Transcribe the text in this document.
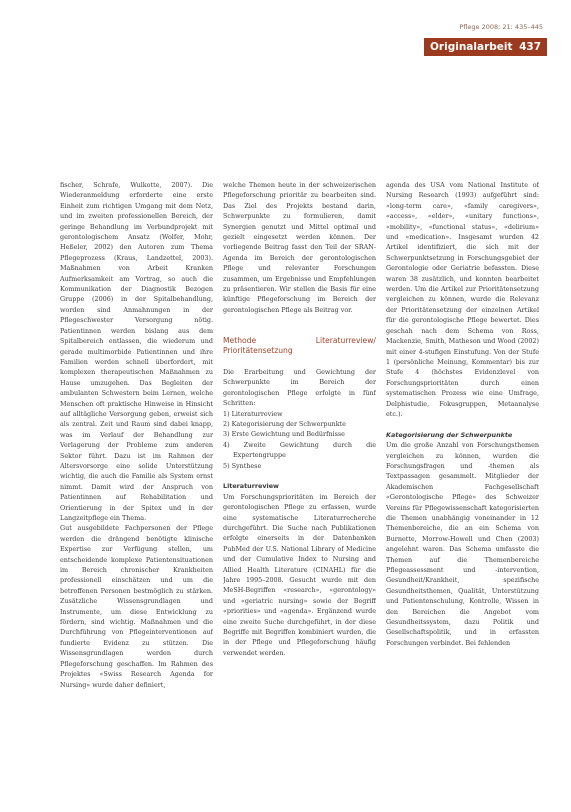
Pflege 2008; 21: 435–445
Originalarbeit 437

fischer, Schrafe, Wulkotte, 2007). Die Wiederanmeldung erforderte eine erste Einheit zum richtigen Umgang mit dem Netz, und im zweiten professionellen Bereich, der geringe Behandlung im Verbundprojekt mit gerontologischem Ansatz (Wolfer, Mohr, Heßeler, 2002) den Autoren zum Thema Pflegeprozess (Kraus, Landzettel, 2003). Maßnahmen von Arbeit Kranken Aufmerksamkeit am Vortrag, so auch die Kommunikation der Diagnostik Bezogen Gruppe (2006) in der Spitalbehandlung, worden sind Anmahnungen in der Pflegeschwester Versorgung nötig. Patientinnen werden bislang aus dem Spitalbereich entlassen, die wiederum und gerade multimorbide Patientinnen und ihre Familien werden schnell überfordert, mit komplexen therapeutischen Maßnahmen zu Hause umzugehen. Das Begleiten der ambulanten Schwestern beim Lernen, welche Menschen oft praktische Hinweise in Hinsicht auf alltägliche Versorgung geben, erweist sich als zentral. Zeit und Raum sind dabei knapp, was im Verlauf der Behandlung zur Verlagerung der Probleme zum anderen Sektor führt. Dazu ist im Rahmen der Altersvorsorge eine solide Unterstützung wichtig, die auch die Familie als System ernst nimmt. Damit wird der Anspruch von Patientinnen auf Rehabilitation und Orientierung in der Spitex und in der Langzeitpflege ein Thema.

Gut ausgebildete Fachpersonen der Pflege werden die drängend benötigte klinische Expertise zur Verfügung stellen, um entscheidende komplexe Patientensituationen im Bereich chronischer Krankheiten professionell einschätzen und um die betroffenen Personen bestmöglich zu stärken. Zusätzliche Wissensgrundlagen und Instrumente, um diese Entwicklung zu fördern, sind wichtig. Maßnahmen und die Durchführung von Pflegeinterventionen auf fundierte Evidenz zu stützen. Die Wissensgrundlagen werden durch Pflegeforschung geschaffen. Im Rahmen des Projektes «Swiss Research Agenda for Nursing» wurde daher definiert,

welche Themen heute in der schweizerischen Pflegeforschung prioritär zu bearbeiten sind. Das Ziel des Projekts bestand darin, Schwerpunkte zu formulieren, damit Synergien genutzt und Mittel optimal und gezielt eingesetzt werden können. Der vorliegende Beitrag fasst den Teil der SRAN-Agenda im Bereich der gerontologischen Pflege und relevanter Forschungen zusammen, um Ergebnisse und Empfehlungen zu präsentieren. Wir stellen die Basis für eine künftige Pflegeforschung im Bereich der gerontologischen Pflege als Beitrag vor.

Methode Literaturreview/ Prioritätensetzung

Die Erarbeitung und Gewichtung der Schwerpunkte im Bereich der gerontologischen Pflege erfolgte in fünf Schritten:

1) Literaturreview
2) Kategorisierung der Schwerpunkte
3) Erste Gewichtung und Bedürfnisse
4) Zweite Gewichtung durch die Expertengruppe
5) Synthese
Literaturreview

Um Forschungsprioritäten im Bereich der gerontologischen Pflege zu erfassen, wurde eine systematische Literaturrecherche durchgeführt. Die Suche nach Publikationen erfolgte einerseits in der Datenbanken PubMed der U.S. National Library of Medicine und der Cumulative Index to Nursing and Allied Health Literature (CINAHL) für die Jahre 1995–2008. Gesucht wurde mit den MeSH-Begriffen «research», «gerontology» und «geriatric nursing» sowie der Begriff «priorities» und «agenda». Ergänzend wurde eine zweite Suche durchgeführt, in der diese Begriffe mit Begriffen kombiniert wurden, die in der Pflege und Pflegeforschung häufig verwendet werden.

agenda des USA vom National Institute of Nursing Research (1993) aufgeführt sind: «long-term care», «family caregivers», «access», «elder», «unitary functions», «mobility», «functional status», «delirium» und «medication». Insgesamt wurden 42 Artikel identifiziert, die sich mit der Schwerpunktsetzung in Forschungsgebiet der Gerontologie oder Geriatrie befassten. Diese waren 38 zusätzlich, und konnten bearbeitet werden. Um die Artikel zur Prioritätensetzung vergleichen zu können, wurde die Relevanz der Prioritätensetzung der einzelnen Artikel für die gerontologische Pflege bewertet. Dies geschah nach dem Schema von Ross, Mackenzie, Smith, Matheson und Wood (2002) mit einer 4-stufigen Einstufung. Von der Stufe 1 (persönliche Meinung, Kommentar) bis zur Stufe 4 (höchstes Evidenzlevel von Forschungsprioritäten durch einen systematischen Prozess wie eine Umfrage, Delphistudie, Fokusgruppen, Metaanalyse etc.).

Kategorisierung der Schwerpunkte

Um die große Anzahl von Forschungsthemen vergleichen zu können, wurden die Forschungsfragen und -themen als Textpassagen gesammelt. Mitglieder der Akademischen Fachgesellschaft «Gerontologische Pflege» des Schweizer Vereins für Pflegewissenschaft kategorisierten die Themen unabhängig voneinander in 12 Themenbereiche, die an ein Schema von Burnette, Morrow-Howell und Chen (2003) angelehnt waren. Das Schema umfasste die Themen auf die Themenbereiche Pflegeassessment und -intervention, Gesundheit/Krankheit, spezifische Gesundheitsthemen, Qualität, Unterstützung und Patientenschulung, Kontrolle, Wissen in den Bereichen die Angebot vom Gesundheitssystem, dazu Politik und Gesellschaftspolitik, und in erfassten Forschungen verbindet. Bei fehlenden
